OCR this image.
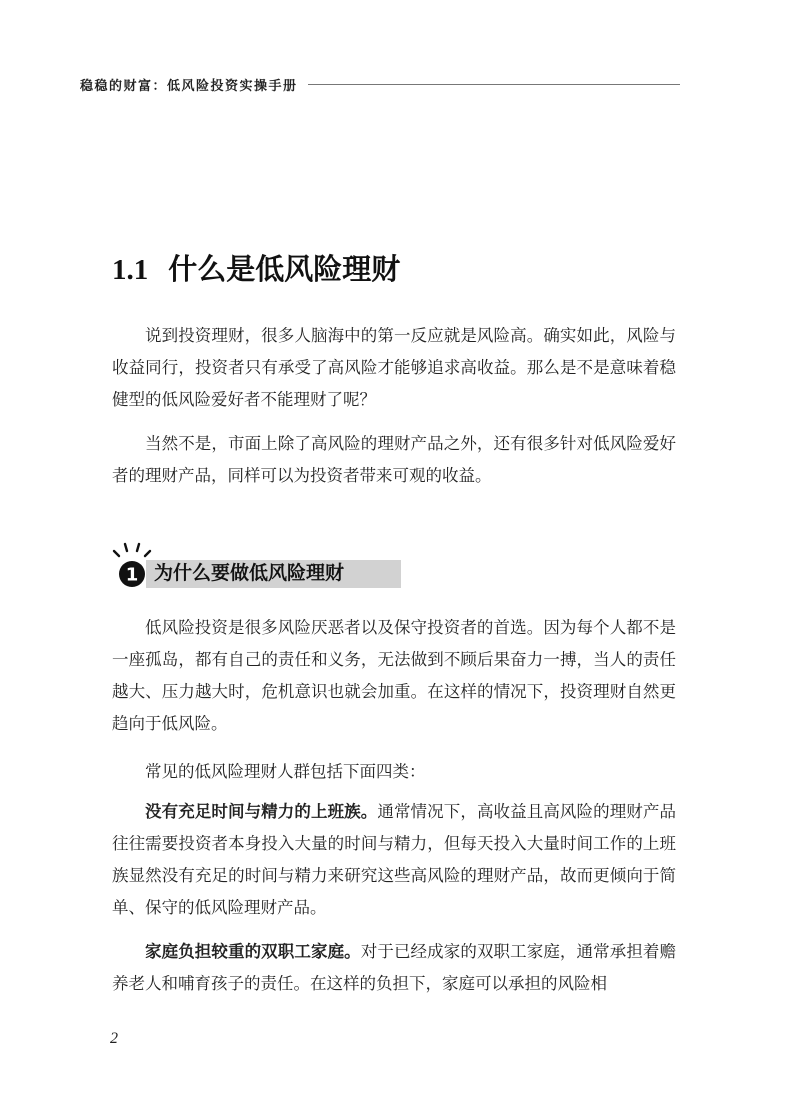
稳稳的财富：低风险投资实操手册
1.1 什么是低风险理财

说到投资理财，很多人脑海中的第一反应就是风险高。确实如此，风险与收益同行，投资者只有承受了高风险才能够追求高收益。那么是不是意味着稳健型的低风险爱好者不能理财了呢？

当然不是，市面上除了高风险的理财产品之外，还有很多针对低风险爱好者的理财产品，同样可以为投资者带来可观的收益。

1 为什么要做低风险理财

低风险投资是很多风险厌恶者以及保守投资者的首选。因为每个人都不是一座孤岛，都有自己的责任和义务，无法做到不顾后果奋力一搏，当人的责任越大、压力越大时，危机意识也就会加重。在这样的情况下，投资理财自然更趋向于低风险。

常见的低风险理财人群包括下面四类：

没有充足时间与精力的上班族。通常情况下，高收益且高风险的理财产品往往需要投资者本身投入大量的时间与精力，但每天投入大量时间工作的上班族显然没有充足的时间与精力来研究这些高风险的理财产品，故而更倾向于简单、保守的低风险理财产品。

家庭负担较重的双职工家庭。对于已经成家的双职工家庭，通常承担着赡养老人和哺育孩子的责任。在这样的负担下，家庭可以承担的风险相

2
